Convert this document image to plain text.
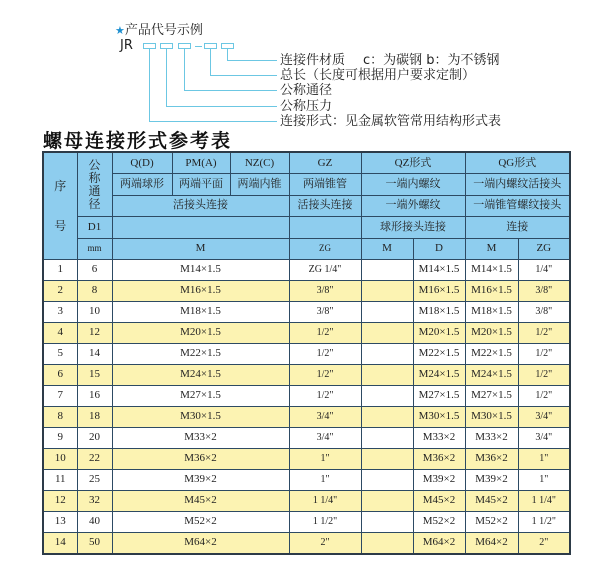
★产品代号示例
JR
连接件材质 c：为碳钢 b：为不锈钢
总长（长度可根据用户要求定制）
公称通径
公称压力
连接形式：见金属软管常用结构形式表
螺母连接形式参考表
序号	公称通径	Q(D)	PM(A)	NZ(C)	GZ	QZ形式		QG形式	
		两端球形	两端平面	两端内锥	两端锥管	一端内螺纹		一端内螺纹活接头	
		活接头连接			活接头连接	一端外螺纹		一端锥管螺纹接头	
	D1					球形接头连接		连接	
	mm	M			ZG	M	D	M	ZG
1	6	M14×1.5			ZG 1/4"		M14×1.5	M14×1.5	1/4"
2	8	M16×1.5			3/8"		M16×1.5	M16×1.5	3/8"
3	10	M18×1.5			3/8"		M18×1.5	M18×1.5	3/8"
4	12	M20×1.5			1/2"		M20×1.5	M20×1.5	1/2"
5	14	M22×1.5			1/2"		M22×1.5	M22×1.5	1/2"
6	15	M24×1.5			1/2"		M24×1.5	M24×1.5	1/2"
7	16	M27×1.5			1/2"		M27×1.5	M27×1.5	1/2"
8	18	M30×1.5			3/4"		M30×1.5	M30×1.5	3/4"
9	20	M33×2			3/4"		M33×2	M33×2	3/4"
10	22	M36×2			1"		M36×2	M36×2	1"
11	25	M39×2			1"		M39×2	M39×2	1"
12	32	M45×2			1 1/4"		M45×2	M45×2	1 1/4"
13	40	M52×2			1 1/2"		M52×2	M52×2	1 1/2"
14	50	M64×2			2"		M64×2	M64×2	2"
